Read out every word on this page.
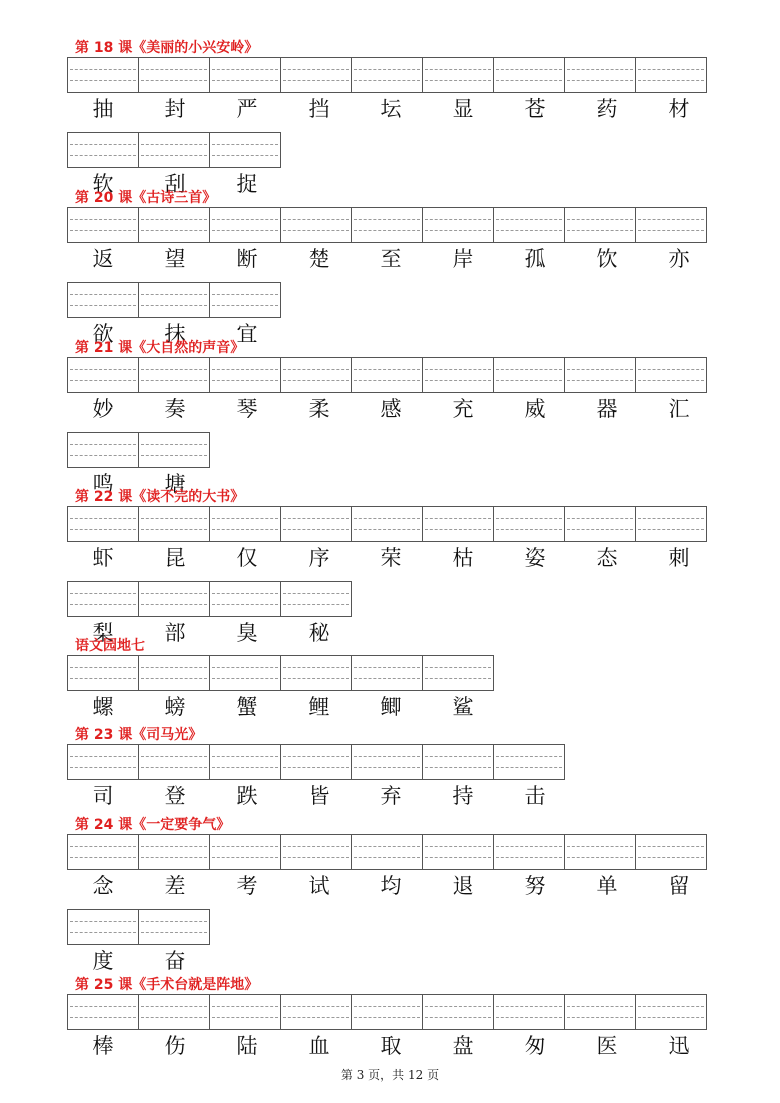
第 18 课《美丽的小兴安岭》
抽	封	严	挡	坛	显	苍	药	材
软	刮	捉
第 20 课《古诗三首》
返	望	断	楚	至	岸	孤	饮	亦
欲	抹	宜
第 21 课《大自然的声音》
妙	奏	琴	柔	感	充	威	器	汇
鸣	塘
第 22 课《读不完的大书》
虾	昆	仅	序	荣	枯	姿	态	刺
梨	部	臭	秘
语文园地七
螺	螃	蟹	鲤	鲫	鲨
第 23 课《司马光》
司	登	跌	皆	弃	持	击
第 24 课《一定要争气》
念	差	考	试	均	退	努	单	留
度	奋
第 25 课《手术台就是阵地》
棒	伤	陆	血	取	盘	匆	医	迅
第 3 页，共 12 页
